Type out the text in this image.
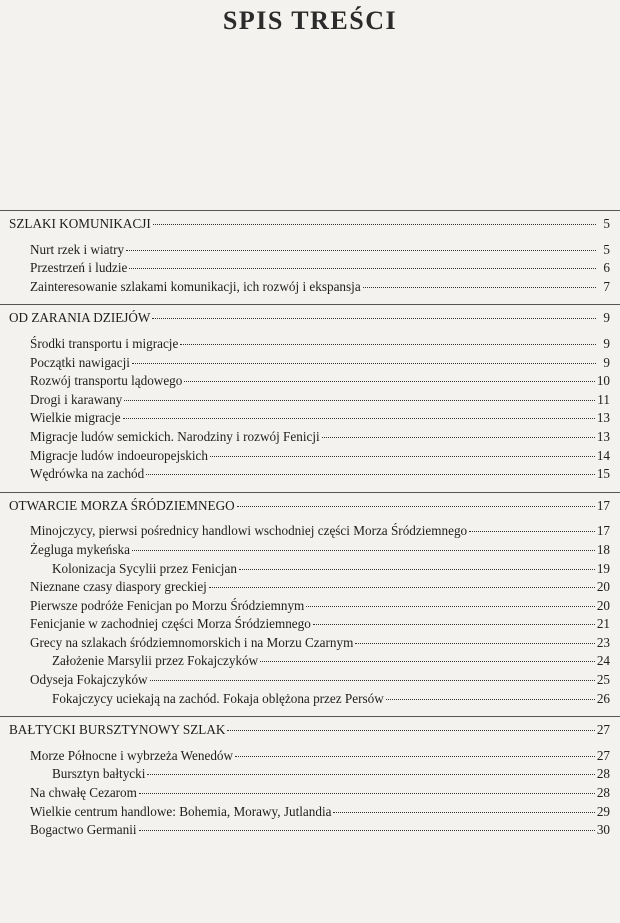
SPIS TREŚCI
SZLAKI KOMUNIKACJI	5
Nurt rzek i wiatry	5
Przestrzeń i ludzie	6
Zainteresowanie szlakami komunikacji, ich rozwój i ekspansja	7
OD ZARANIA DZIEJÓW	9
Środki transportu i migracje	9
Początki nawigacji	9
Rozwój transportu lądowego	10
Drogi i karawany	11
Wielkie migracje	13
Migracje ludów semickich. Narodziny i rozwój Fenicji	13
Migracje ludów indoeuropejskich	14
Wędrówka na zachód	15
OTWARCIE MORZA ŚRÓDZIEMNEGO	17
Minojczycy, pierwsi pośrednicy handlowi wschodniej części Morza Śródziemnego	17
Żegluga mykeńska	18
Kolonizacja Sycylii przez Fenicjan	19
Nieznane czasy diaspory greckiej	20
Pierwsze podróże Fenicjan po Morzu Śródziemnym	20
Fenicjanie w zachodniej części Morza Śródziemnego	21
Grecy na szlakach śródziemnomorskich i na Morzu Czarnym	23
Założenie Marsylii przez Fokajczyków	24
Odyseja Fokajczyków	25
Fokajczycy uciekają na zachód. Fokaja oblężona przez Persów	26
BAŁTYCKI BURSZTYNOWY SZLAK	27
Morze Północne i wybrzeża Wenedów	27
Bursztyn bałtycki	28
Na chwałę Cezarom	28
Wielkie centrum handlowe: Bohemia, Morawy, Jutlandia	29
Bogactwo Germanii	30
